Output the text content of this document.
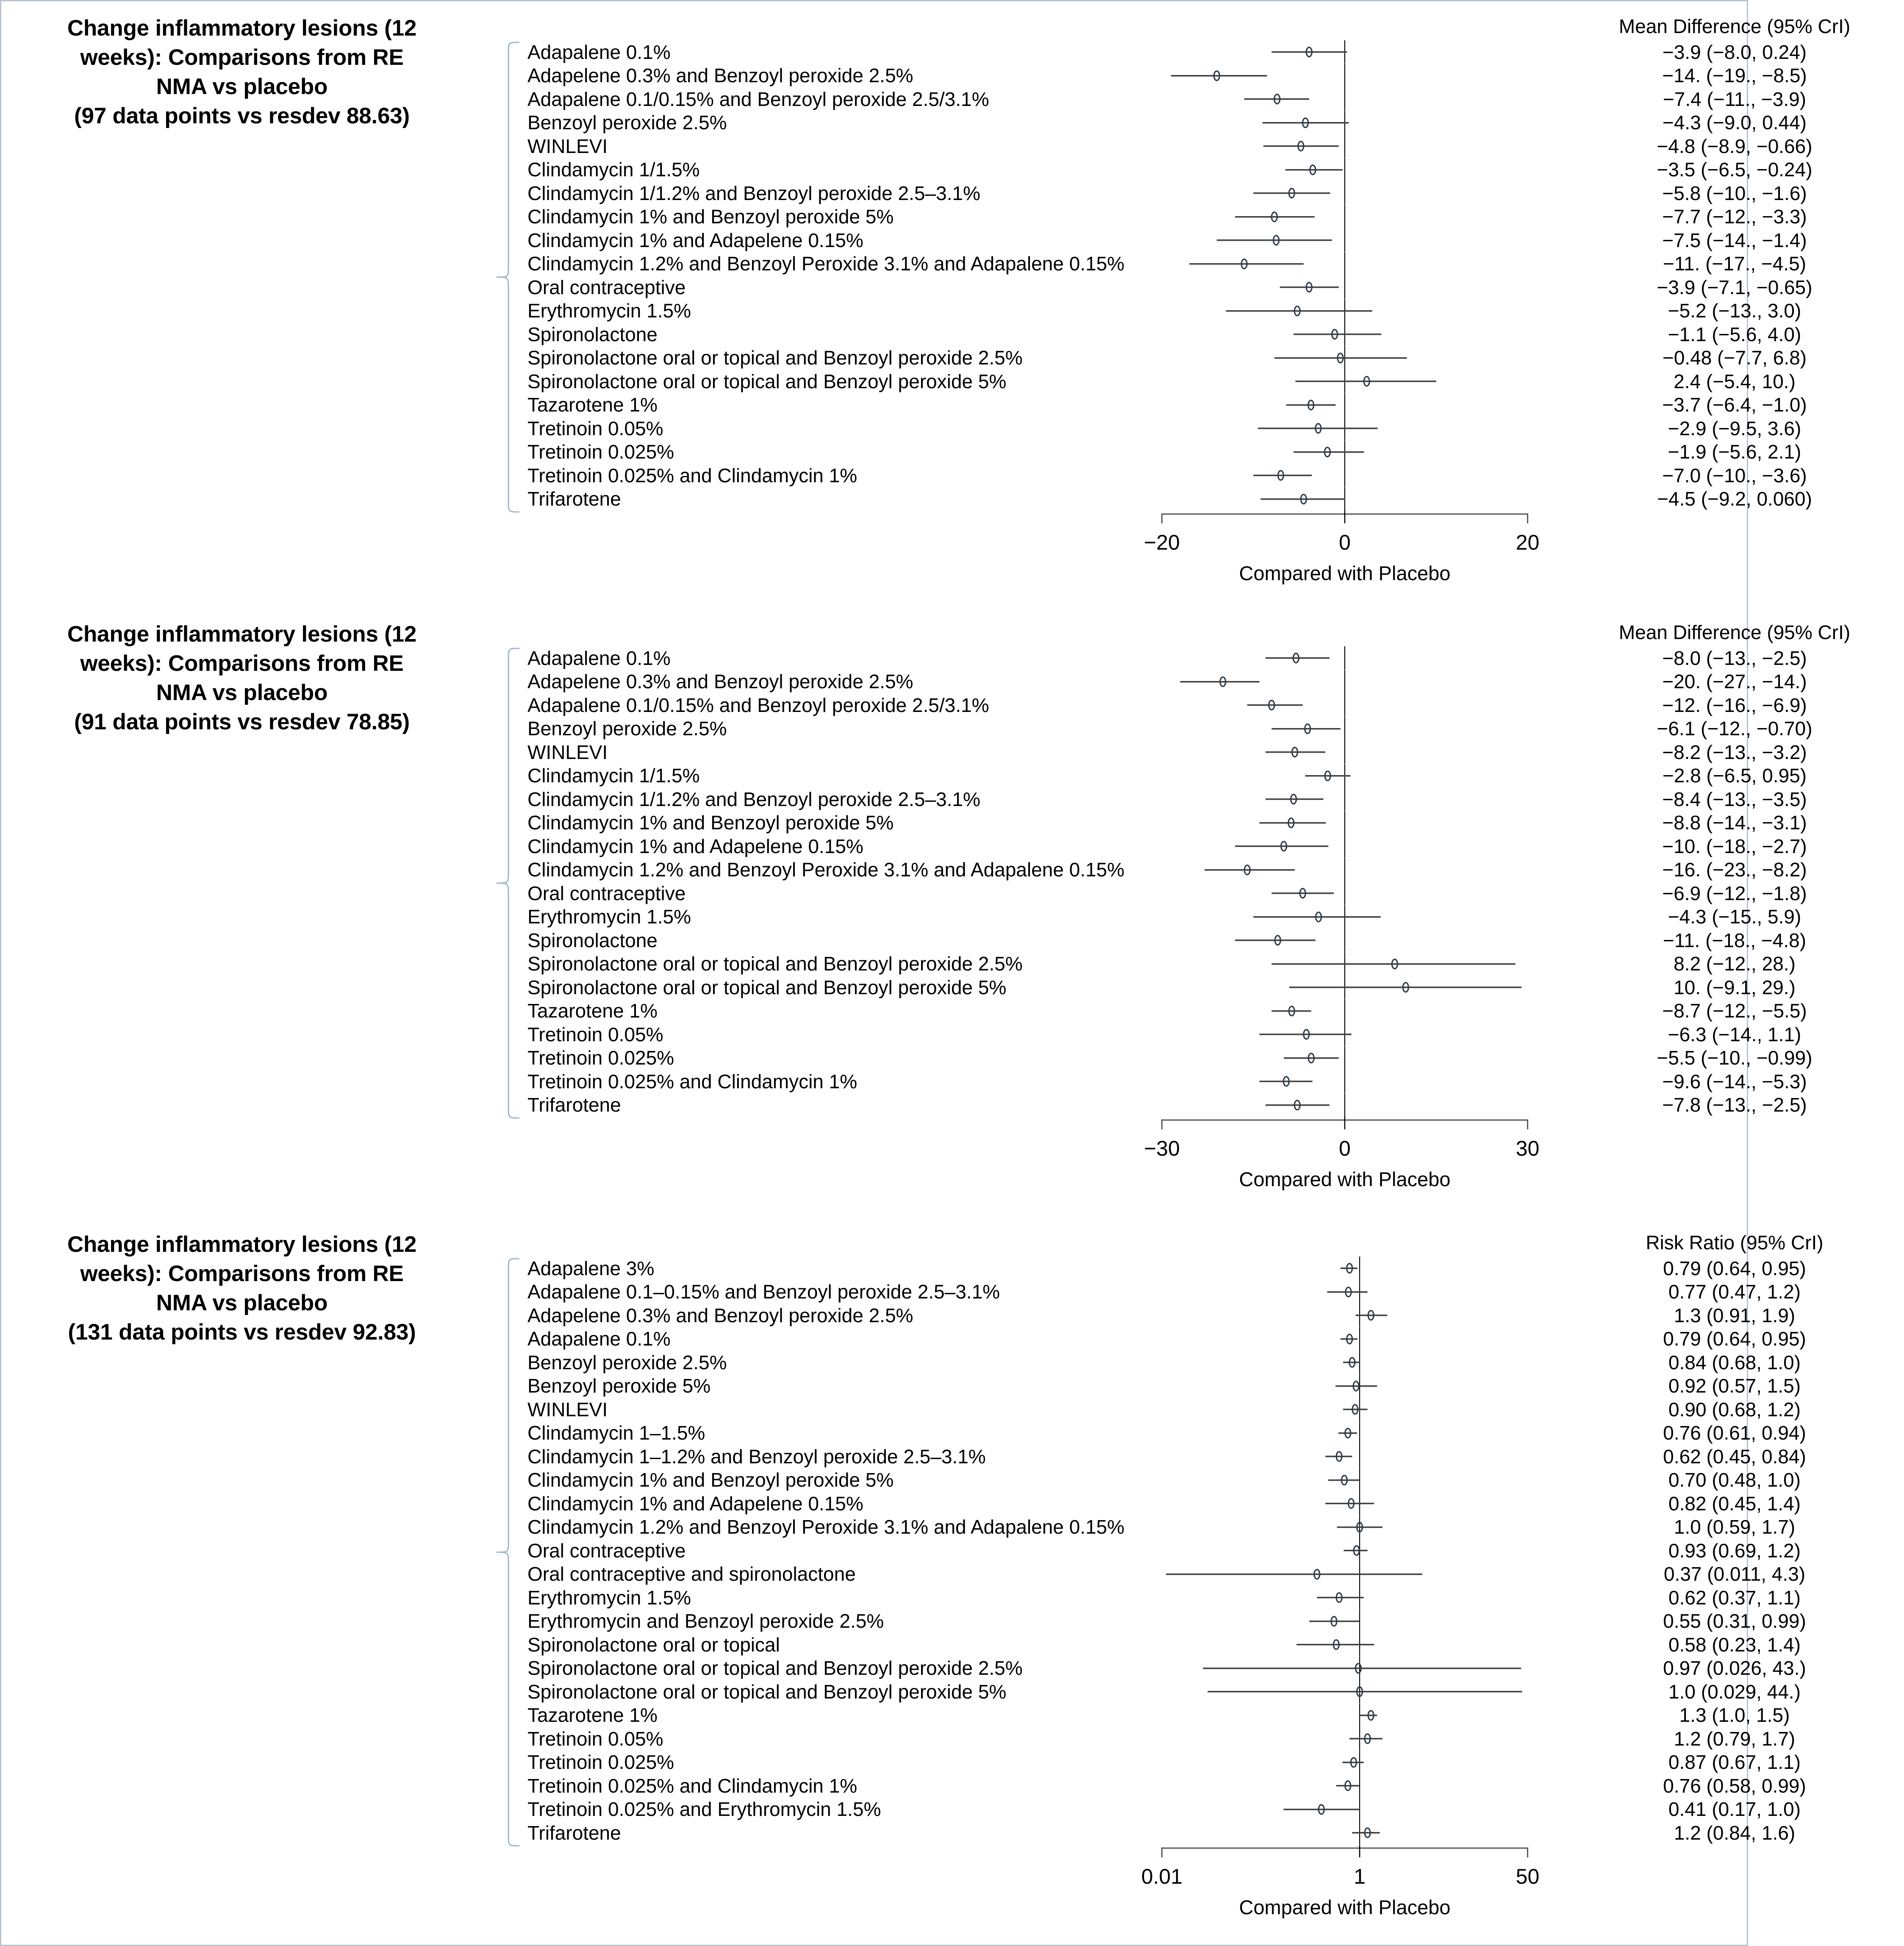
Change inflammatory lesions (12
weeks): Comparisons from RE
NMA vs placebo
(97 data points vs resdev 88.63)
Mean Difference (95% CrI)
Adapalene 0.1%	−3.9 (−8.0, 0.24)
Adapelene 0.3% and Benzoyl peroxide 2.5%	−14. (−19., −8.5)
Adapalene 0.1/0.15% and Benzoyl peroxide 2.5/3.1%	−7.4 (−11., −3.9)
Benzoyl peroxide 2.5%	−4.3 (−9.0, 0.44)
WINLEVI	−4.8 (−8.9, −0.66)
Clindamycin 1/1.5%	−3.5 (−6.5, −0.24)
Clindamycin 1/1.2% and Benzoyl peroxide 2.5–3.1%	−5.8 (−10., −1.6)
Clindamycin 1% and Benzoyl peroxide 5%	−7.7 (−12., −3.3)
Clindamycin 1% and Adapelene 0.15%	−7.5 (−14., −1.4)
Clindamycin 1.2% and Benzoyl Peroxide 3.1% and Adapalene 0.15%	−11. (−17., −4.5)
Oral contraceptive	−3.9 (−7.1, −0.65)
Erythromycin 1.5%	−5.2 (−13., 3.0)
Spironolactone	−1.1 (−5.6, 4.0)
Spironolactone oral or topical and Benzoyl peroxide 2.5%	−0.48 (−7.7, 6.8)
Spironolactone oral or topical and Benzoyl peroxide 5%	2.4 (−5.4, 10.)
Tazarotene 1%	−3.7 (−6.4, −1.0)
Tretinoin 0.05%	−2.9 (−9.5, 3.6)
Tretinoin 0.025%	−1.9 (−5.6, 2.1)
Tretinoin 0.025% and Clindamycin 1%	−7.0 (−10., −3.6)
Trifarotene	−4.5 (−9.2, 0.060)
−20	0	20
Compared with Placebo
Change inflammatory lesions (12
weeks): Comparisons from RE
NMA vs placebo
(91 data points vs resdev 78.85)
Mean Difference (95% CrI)
Adapalene 0.1%	−8.0 (−13., −2.5)
Adapelene 0.3% and Benzoyl peroxide 2.5%	−20. (−27., −14.)
Adapalene 0.1/0.15% and Benzoyl peroxide 2.5/3.1%	−12. (−16., −6.9)
Benzoyl peroxide 2.5%	−6.1 (−12., −0.70)
WINLEVI	−8.2 (−13., −3.2)
Clindamycin 1/1.5%	−2.8 (−6.5, 0.95)
Clindamycin 1/1.2% and Benzoyl peroxide 2.5–3.1%	−8.4 (−13., −3.5)
Clindamycin 1% and Benzoyl peroxide 5%	−8.8 (−14., −3.1)
Clindamycin 1% and Adapelene 0.15%	−10. (−18., −2.7)
Clindamycin 1.2% and Benzoyl Peroxide 3.1% and Adapalene 0.15%	−16. (−23., −8.2)
Oral contraceptive	−6.9 (−12., −1.8)
Erythromycin 1.5%	−4.3 (−15., 5.9)
Spironolactone	−11. (−18., −4.8)
Spironolactone oral or topical and Benzoyl peroxide 2.5%	8.2 (−12., 28.)
Spironolactone oral or topical and Benzoyl peroxide 5%	10. (−9.1, 29.)
Tazarotene 1%	−8.7 (−12., −5.5)
Tretinoin 0.05%	−6.3 (−14., 1.1)
Tretinoin 0.025%	−5.5 (−10., −0.99)
Tretinoin 0.025% and Clindamycin 1%	−9.6 (−14., −5.3)
Trifarotene	−7.8 (−13., −2.5)
−30	0	30
Compared with Placebo
Change inflammatory lesions (12
weeks): Comparisons from RE
NMA vs placebo
(131 data points vs resdev 92.83)
Risk Ratio (95% CrI)
Adapalene 3%	0.79 (0.64, 0.95)
Adapalene 0.1–0.15% and Benzoyl peroxide 2.5–3.1%	0.77 (0.47, 1.2)
Adapelene 0.3% and Benzoyl peroxide 2.5%	1.3 (0.91, 1.9)
Adapalene 0.1%	0.79 (0.64, 0.95)
Benzoyl peroxide 2.5%	0.84 (0.68, 1.0)
Benzoyl peroxide 5%	0.92 (0.57, 1.5)
WINLEVI	0.90 (0.68, 1.2)
Clindamycin 1–1.5%	0.76 (0.61, 0.94)
Clindamycin 1–1.2% and Benzoyl peroxide 2.5–3.1%	0.62 (0.45, 0.84)
Clindamycin 1% and Benzoyl peroxide 5%	0.70 (0.48, 1.0)
Clindamycin 1% and Adapelene 0.15%	0.82 (0.45, 1.4)
Clindamycin 1.2% and Benzoyl Peroxide 3.1% and Adapalene 0.15%	1.0 (0.59, 1.7)
Oral contraceptive	0.93 (0.69, 1.2)
Oral contraceptive and spironolactone	0.37 (0.011, 4.3)
Erythromycin 1.5%	0.62 (0.37, 1.1)
Erythromycin and Benzoyl peroxide 2.5%	0.55 (0.31, 0.99)
Spironolactone oral or topical	0.58 (0.23, 1.4)
Spironolactone oral or topical and Benzoyl peroxide 2.5%	0.97 (0.026, 43.)
Spironolactone oral or topical and Benzoyl peroxide 5%	1.0 (0.029, 44.)
Tazarotene 1%	1.3 (1.0, 1.5)
Tretinoin 0.05%	1.2 (0.79, 1.7)
Tretinoin 0.025%	0.87 (0.67, 1.1)
Tretinoin 0.025% and Clindamycin 1%	0.76 (0.58, 0.99)
Tretinoin 0.025% and Erythromycin 1.5%	0.41 (0.17, 1.0)
Trifarotene	1.2 (0.84, 1.6)
0.01	1	50
Compared with Placebo
